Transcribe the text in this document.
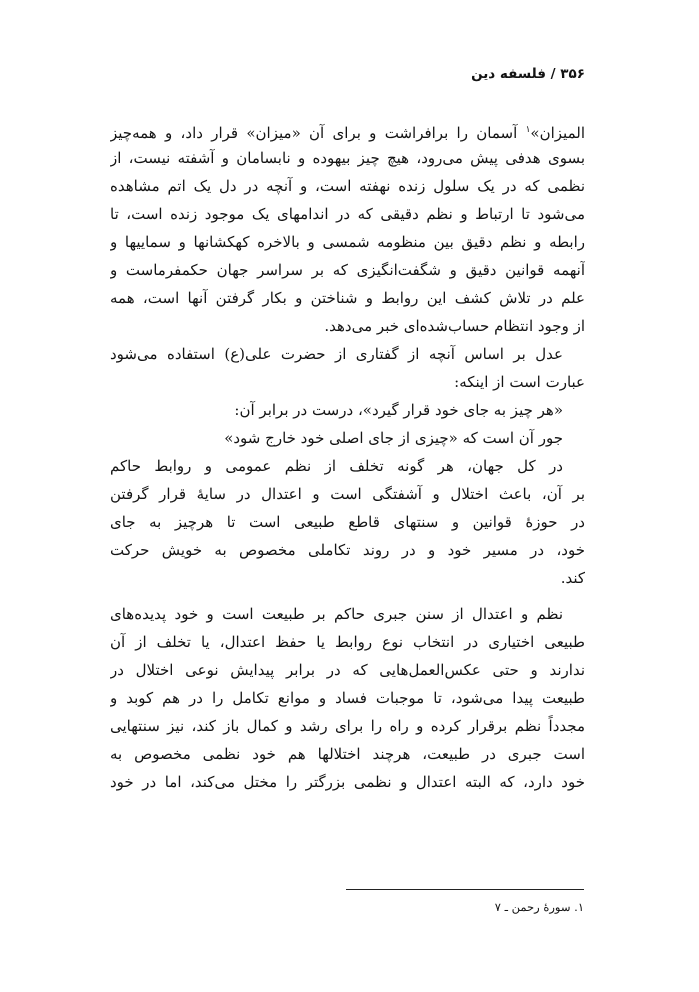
۳۵۶ / فلسفه دین
المیزان»$^۱$ آسمان را برافراشت و برای آن «میزان» قرار داد، و همه‌چیز
بسوی هدفی پیش می‌رود، هیچ چیز بیهوده و نابسامان و آشفته نیست، از
نظمی که در یک سلول زنده نهفته است، و آنچه در دل یک اتم مشاهده
می‌شود تا ارتباط و نظم دقیقی که در اندامهای یک موجود زنده است، تا
رابطه و نظم دقیق بین منظومه شمسی و بالاخره کهکشانها و سماییها و
آنهمه قوانین دقیق و شگفت‌انگیزی که بر سراسر جهان حکمفرماست و
علم در تلاش کشف این روابط و شناختن و بکار گرفتن آنها است، همه
از وجود انتظام حساب‌شده‌ای خبر می‌دهد.
عدل بر اساس آنچه از گفتاری از حضرت علی(ع) استفاده می‌شود
عبارت است از اینکه:
«هر چیز به جای خود قرار گیرد»، درست در برابر آن:
جور آن است که «چیزی از جای اصلی خود خارج شود»
در کل جهان، هر گونه تخلف از نظم عمومی و روابط حاکم
بر آن، باعث اختلال و آشفتگی است و اعتدال در سایهٔ قرار گرفتن
در حوزهٔ قوانین و سنتهای قاطع طبیعی است تا هرچیز به جای
خود، در مسیر خود و در روند تکاملی مخصوص به خویش حرکت
کند.
نظم و اعتدال از سنن جبری حاکم بر طبیعت است و خود پدیده‌های
طبیعی اختیاری در انتخاب نوع روابط یا حفظ اعتدال، یا تخلف از آن
ندارند و حتی عکس‌العمل‌هایی که در برابر پیدایش نوعی اختلال در
طبیعت پیدا می‌شود، تا موجبات فساد و موانع تکامل را در هم کوبد و
مجدداً نظم برقرار کرده و راه را برای رشد و کمال باز کند، نیز سنتهایی
است جبری در طبیعت، هرچند اختلالها هم خود نظمی مخصوص به
خود دارد، که البته اعتدال و نظمی بزرگتر را مختل می‌کند، اما در خود
۱. سورهٔ رحمن ـ ۷
